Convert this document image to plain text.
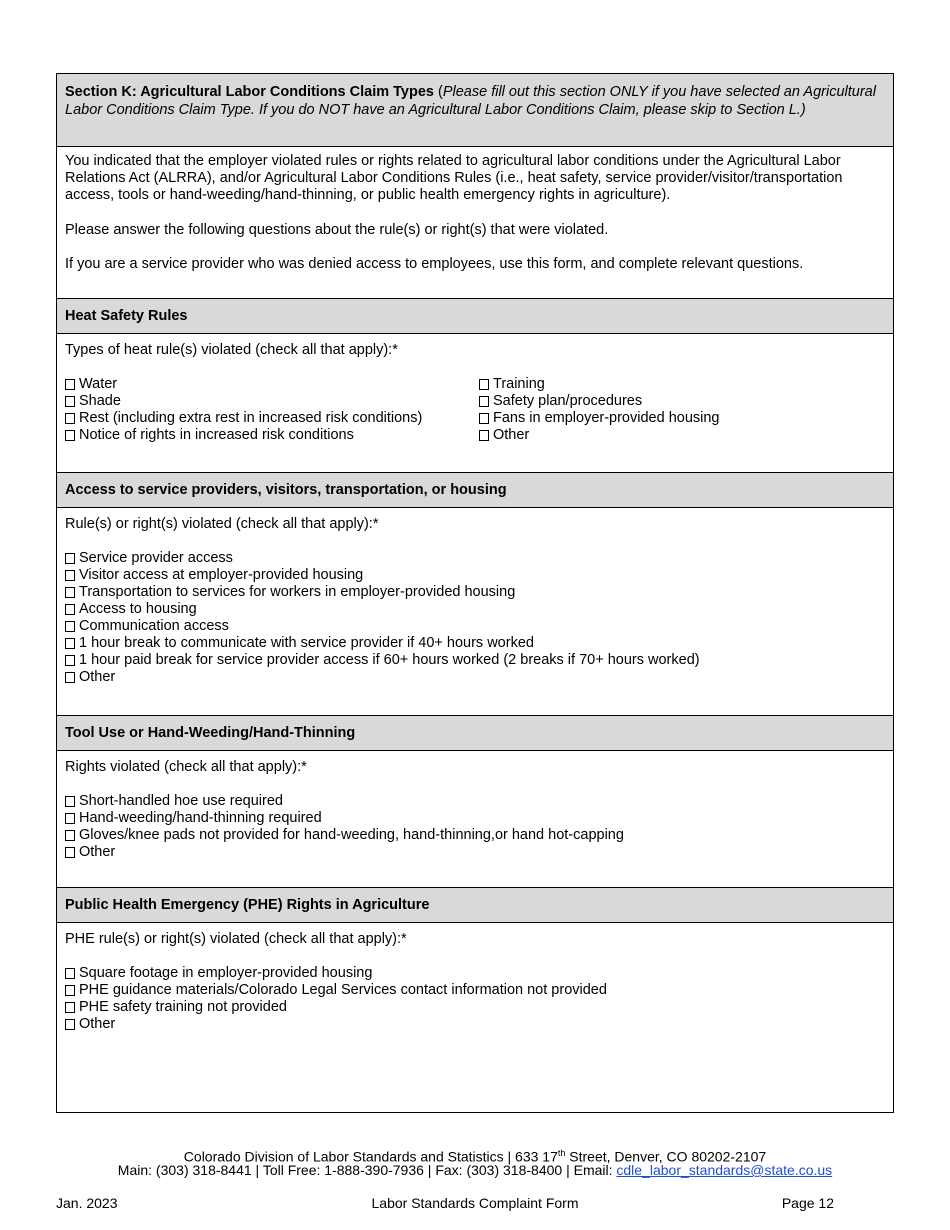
Section K: Agricultural Labor Conditions Claim Types (Please fill out this section ONLY if you have selected an Agricultural Labor Conditions Claim Type. If you do NOT have an Agricultural Labor Conditions Claim, please skip to Section L.)
You indicated that the employer violated rules or rights related to agricultural labor conditions under the Agricultural Labor Relations Act (ALRRA), and/or Agricultural Labor Conditions Rules (i.e., heat safety, service provider/visitor/transportation access, tools or hand-weeding/hand-thinning, or public health emergency rights in agriculture).
Please answer the following questions about the rule(s) or right(s) that were violated.
If you are a service provider who was denied access to employees, use this form, and complete relevant questions.
Heat Safety Rules
Types of heat rule(s) violated (check all that apply):*
Water
Shade
Rest (including extra rest in increased risk conditions)
Notice of rights in increased risk conditions
Training
Safety plan/procedures
Fans in employer-provided housing
Other
Access to service providers, visitors, transportation, or housing
Rule(s) or right(s) violated (check all that apply):*
Service provider access
Visitor access at employer-provided housing
Transportation to services for workers in employer-provided housing
Access to housing
Communication access
1 hour break to communicate with service provider if 40+ hours worked
1 hour paid break for service provider access if 60+ hours worked (2 breaks if 70+ hours worked)
Other
Tool Use or Hand-Weeding/Hand-Thinning
Rights violated (check all that apply):*
Short-handled hoe use required
Hand-weeding/hand-thinning required
Gloves/knee pads not provided for hand-weeding, hand-thinning,or hand hot-capping
Other
Public Health Emergency (PHE) Rights in Agriculture
PHE rule(s) or right(s) violated (check all that apply):*
Square footage in employer-provided housing
PHE guidance materials/Colorado Legal Services contact information not provided
PHE safety training not provided
Other
Colorado Division of Labor Standards and Statistics | 633 17th Street, Denver, CO 80202-2107
Main: (303) 318-8441 | Toll Free: 1-888-390-7936 | Fax: (303) 318-8400 | Email: cdle_labor_standards@state.co.us
Jan. 2023	Labor Standards Complaint Form	Page 12
